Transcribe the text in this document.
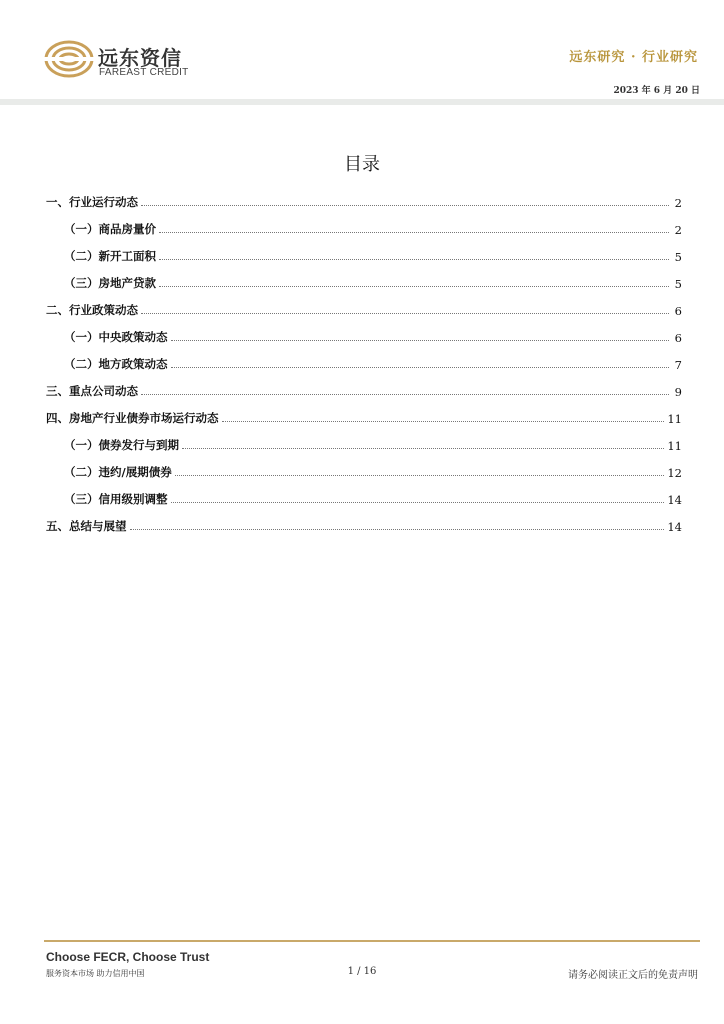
远东资信
FAREAST CREDIT
远东研究 · 行业研究
2023 年 6 月 20 日
目录
一、行业运行动态	2
（一）商品房量价	2
（二）新开工面积	5
（三）房地产贷款	5
二、行业政策动态	6
（一）中央政策动态	6
（二）地方政策动态	7
三、重点公司动态	9
四、房地产行业债券市场运行动态	11
（一）债券发行与到期	11
（二）违约/展期债券	12
（三）信用级别调整	14
五、总结与展望	14
Choose FECR, Choose Trust
服务资本市场 助力信用中国	1 / 16	请务必阅读正文后的免责声明
